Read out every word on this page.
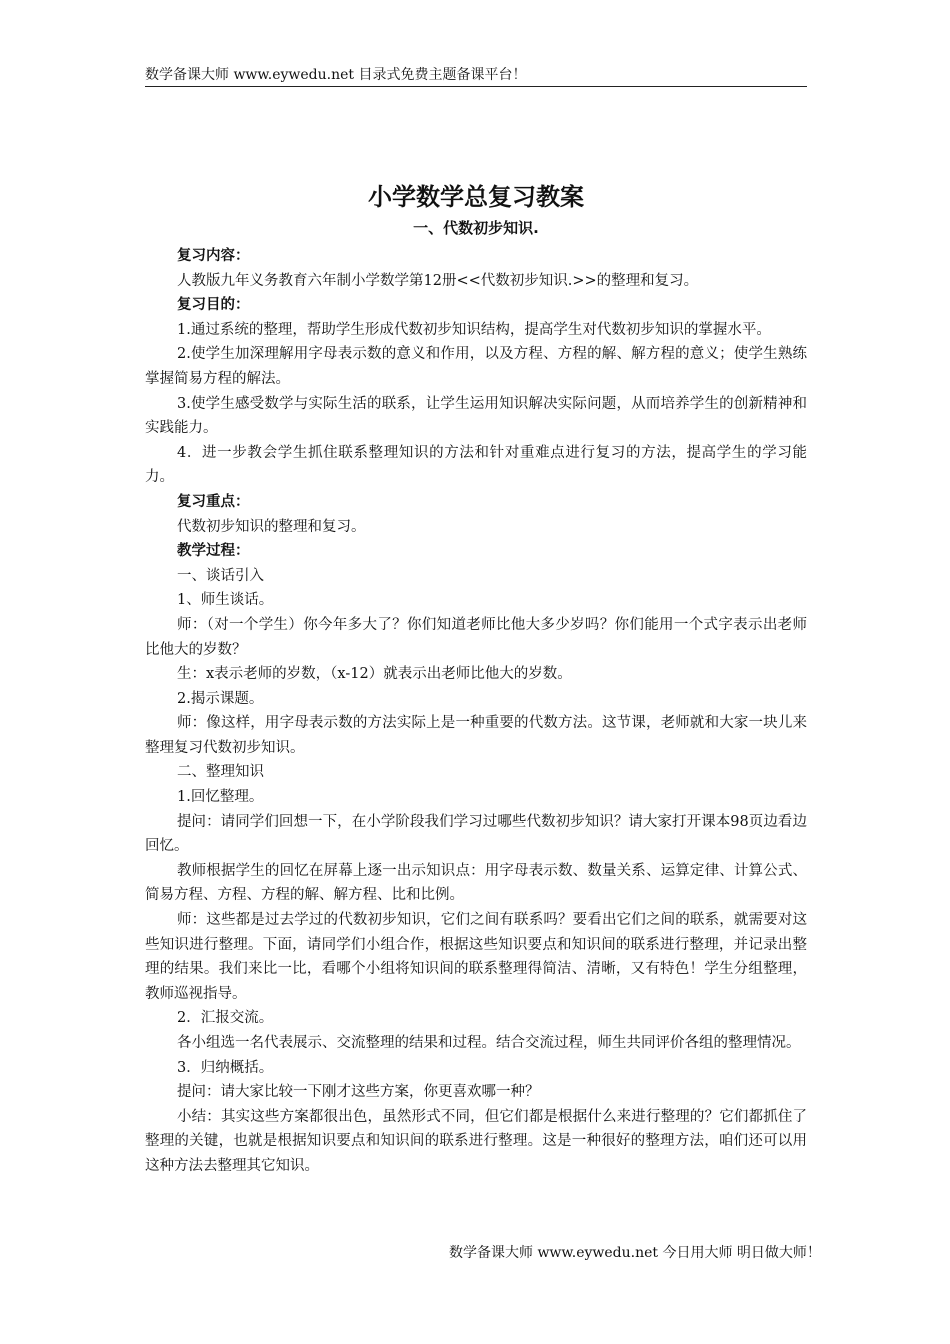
数学备课大师 www.eywedu.net 目录式免费主题备课平台！
小学数学总复习教案
一、代数初步知识.

复习内容：

人教版九年义务教育六年制小学数学第12册<<代数初步知识.>>的整理和复习。

复习目的：

1.通过系统的整理，帮助学生形成代数初步知识结构，提高学生对代数初步知识的掌握水平。

2.使学生加深理解用字母表示数的意义和作用，以及方程、方程的解、解方程的意义；使学生熟练掌握简易方程的解法。

3.使学生感受数学与实际生活的联系，让学生运用知识解决实际问题，从而培养学生的创新精神和实践能力。

4．进一步教会学生抓住联系整理知识的方法和针对重难点进行复习的方法，提高学生的学习能力。

复习重点：

代数初步知识的整理和复习。

教学过程：

一、谈话引入

1、师生谈话。

师：（对一个学生）你今年多大了？你们知道老师比他大多少岁吗？你们能用一个式字表示出老师比他大的岁数？

生：x表示老师的岁数，（x-12）就表示出老师比他大的岁数。

2.揭示课题。

师：像这样，用字母表示数的方法实际上是一种重要的代数方法。这节课，老师就和大家一块儿来整理复习代数初步知识。

二、整理知识

1.回忆整理。

提问：请同学们回想一下，在小学阶段我们学习过哪些代数初步知识？请大家打开课本98页边看边回忆。

教师根据学生的回忆在屏幕上逐一出示知识点：用字母表示数、数量关系、运算定律、计算公式、简易方程、方程、方程的解、解方程、比和比例。

师：这些都是过去学过的代数初步知识，它们之间有联系吗？要看出它们之间的联系，就需要对这些知识进行整理。下面，请同学们小组合作，根据这些知识要点和知识间的联系进行整理，并记录出整理的结果。我们来比一比，看哪个小组将知识间的联系整理得简洁、清晰，又有特色！学生分组整理，教师巡视指导。

2．汇报交流。

各小组选一名代表展示、交流整理的结果和过程。结合交流过程，师生共同评价各组的整理情况。

3．归纳概括。

提问：请大家比较一下刚才这些方案，你更喜欢哪一种？

小结：其实这些方案都很出色，虽然形式不同，但它们都是根据什么来进行整理的？它们都抓住了整理的关键，也就是根据知识要点和知识间的联系进行整理。这是一种很好的整理方法，咱们还可以用这种方法去整理其它知识。

数学备课大师 www.eywedu.net 今日用大师 明日做大师！
